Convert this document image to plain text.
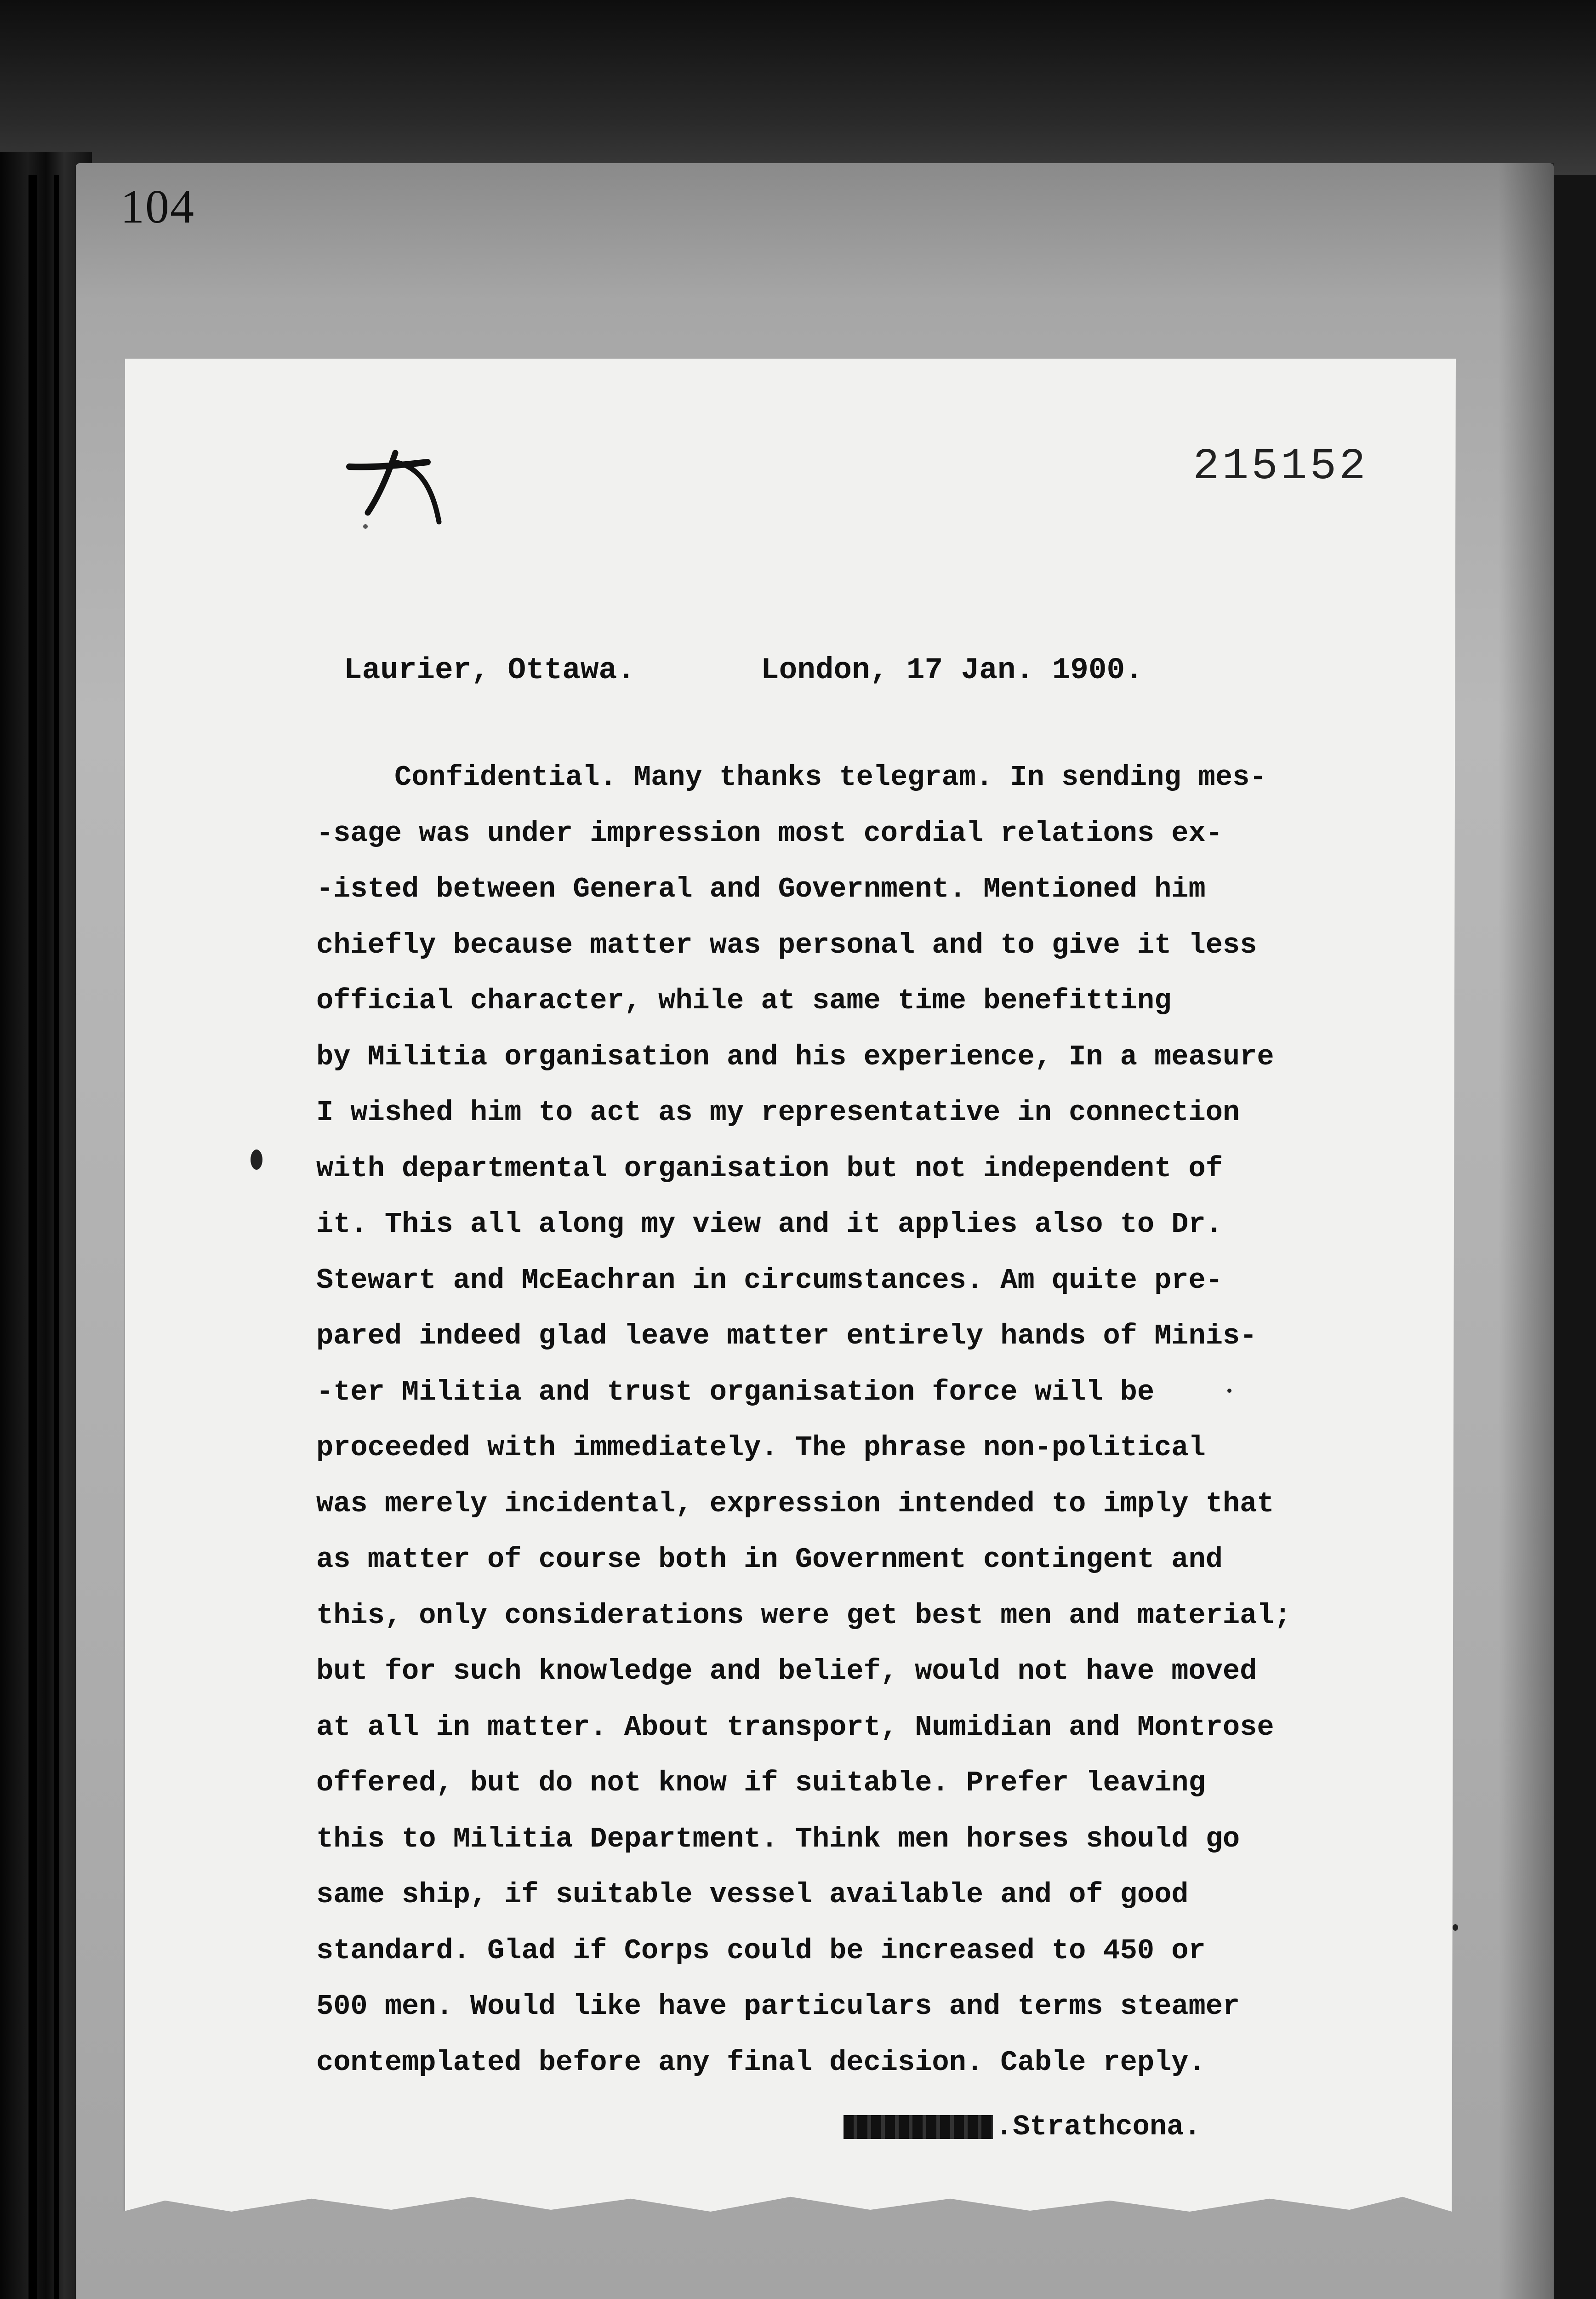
104
215152
Laurier, Ottawa.	London, 17 Jan. 1900.
Confidential. Many thanks telegram. In sending mes-
-sage was under impression most cordial relations ex-
-isted between General and Government. Mentioned him
chiefly because matter was personal and to give it less
official character, while at same time benefitting
by Militia organisation and his experience, In a measure
I wished him to act as my representative in connection
with departmental organisation but not independent of
it. This all along my view and it applies also to Dr.
Stewart and McEachran in circumstances. Am quite pre-
pared indeed glad leave matter entirely hands of Minis-
-ter Militia and trust organisation force will be
proceeded with immediately. The phrase non-political
was merely incidental, expression intended to imply that
as matter of course both in Government contingent and
this, only considerations were get best men and material;
but for such knowledge and belief, would not have moved
at all in matter. About transport, Numidian and Montrose
offered, but do not know if suitable. Prefer leaving
this to Militia Department. Think men horses should go
same ship, if suitable vessel available and of good
standard. Glad if Corps could be increased to 450 or
500 men. Would like have particulars and terms steamer
contemplated before any final decision. Cable reply.
.Strathcona.
